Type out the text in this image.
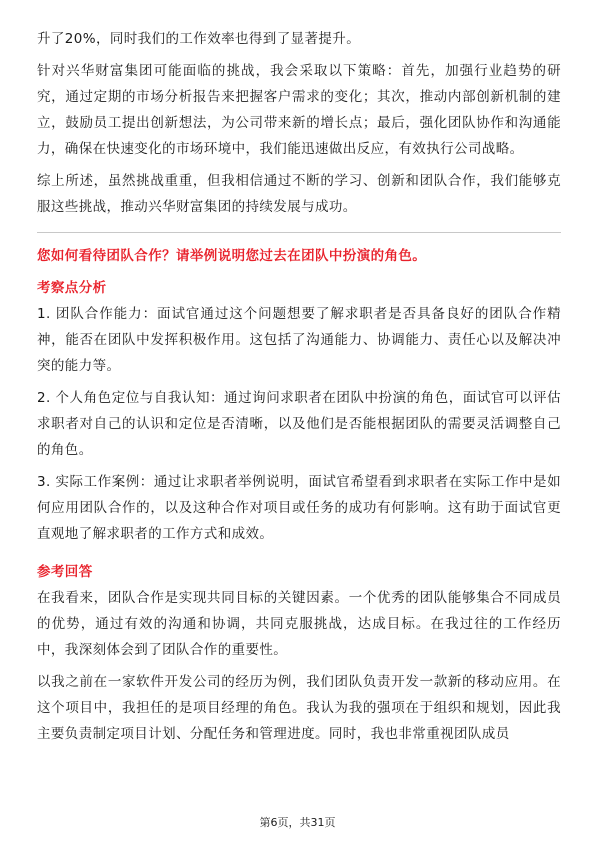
升了20%，同时我们的工作效率也得到了显著提升。

针对兴华财富集团可能面临的挑战，我会采取以下策略：首先，加强行业趋势的研究，通过定期的市场分析报告来把握客户需求的变化；其次，推动内部创新机制的建立，鼓励员工提出创新想法，为公司带来新的增长点；最后，强化团队协作和沟通能力，确保在快速变化的市场环境中，我们能迅速做出反应，有效执行公司战略。

综上所述，虽然挑战重重，但我相信通过不断的学习、创新和团队合作，我们能够克服这些挑战，推动兴华财富集团的持续发展与成功。

您如何看待团队合作？请举例说明您过去在团队中扮演的角色。

考察点分析

1. 团队合作能力：面试官通过这个问题想要了解求职者是否具备良好的团队合作精神，能否在团队中发挥积极作用。这包括了沟通能力、协调能力、责任心以及解决冲突的能力等。

2. 个人角色定位与自我认知：通过询问求职者在团队中扮演的角色，面试官可以评估求职者对自己的认识和定位是否清晰，以及他们是否能根据团队的需要灵活调整自己的角色。

3. 实际工作案例：通过让求职者举例说明，面试官希望看到求职者在实际工作中是如何应用团队合作的，以及这种合作对项目或任务的成功有何影响。这有助于面试官更直观地了解求职者的工作方式和成效。

参考回答

在我看来，团队合作是实现共同目标的关键因素。一个优秀的团队能够集合不同成员的优势，通过有效的沟通和协调，共同克服挑战，达成目标。在我过往的工作经历中，我深刻体会到了团队合作的重要性。

以我之前在一家软件开发公司的经历为例，我们团队负责开发一款新的移动应用。在这个项目中，我担任的是项目经理的角色。我认为我的强项在于组织和规划，因此我主要负责制定项目计划、分配任务和管理进度。同时，我也非常重视团队成员

第6页，共31页
